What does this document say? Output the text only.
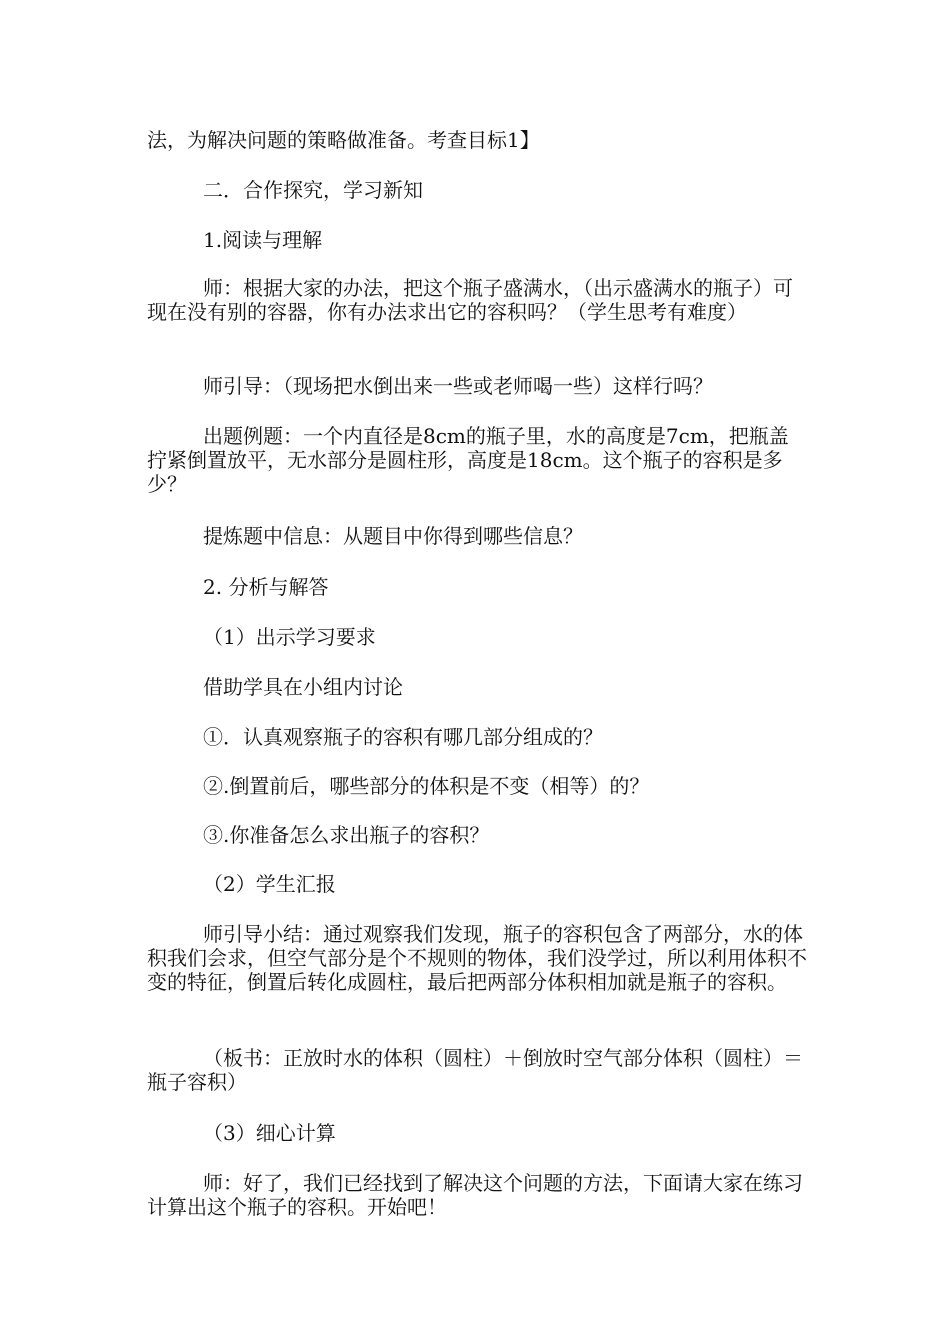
法，为解决问题的策略做准备。考查目标1】

二．合作探究，学习新知

1.阅读与理解

师：根据大家的办法，把这个瓶子盛满水，（出示盛满水的瓶子）可现在没有别的容器，你有办法求出它的容积吗？（学生思考有难度）

师引导：（现场把水倒出来一些或老师喝一些）这样行吗？

出题例题：一个内直径是8cm的瓶子里，水的高度是7cm，把瓶盖拧紧倒置放平，无水部分是圆柱形，高度是18cm。这个瓶子的容积是多少？

提炼题中信息：从题目中你得到哪些信息？

2. 分析与解答

（1）出示学习要求

借助学具在小组内讨论

①．认真观察瓶子的容积有哪几部分组成的？

②.倒置前后，哪些部分的体积是不变（相等）的？

③.你准备怎么求出瓶子的容积？

（2）学生汇报

师引导小结：通过观察我们发现，瓶子的容积包含了两部分，水的体积我们会求，但空气部分是个不规则的物体，我们没学过，所以利用体积不变的特征，倒置后转化成圆柱，最后把两部分体积相加就是瓶子的容积。

（板书：正放时水的体积（圆柱）＋倒放时空气部分体积（圆柱）＝瓶子容积）

（3）细心计算

师：好了，我们已经找到了解决这个问题的方法，下面请大家在练习计算出这个瓶子的容积。开始吧！
